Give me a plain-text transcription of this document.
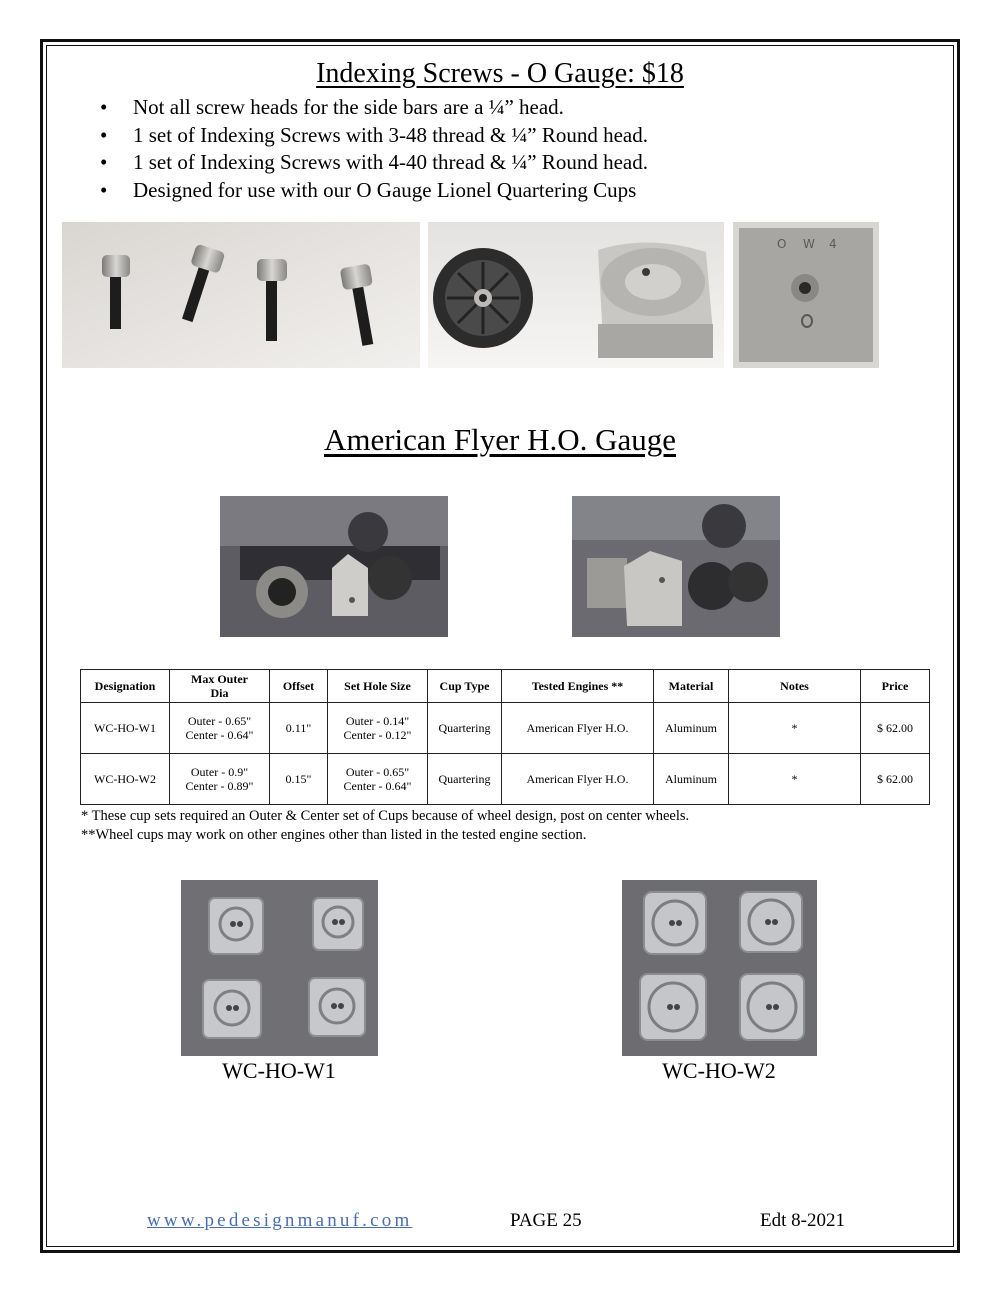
Indexing Screws - O Gauge: $18
• Not all screw heads for the side bars are a ¼” head.
• 1 set of Indexing Screws with 3-48 thread & ¼” Round head.
• 1 set of Indexing Screws with 4-40 thread & ¼” Round head.
• Designed for use with our O Gauge Lionel Quartering Cups
O W 4
American Flyer H.O. Gauge
Designation	Max Outer
Dia	Offset	Set Hole Size	Cup Type	Tested Engines **	Material	Notes	Price
WC-HO-W1	Outer - 0.65"
Center - 0.64"	0.11"	Outer - 0.14"
Center - 0.12"	Quartering	American Flyer H.O.	Aluminum	*	$ 62.00
WC-HO-W2	Outer - 0.9"
Center - 0.89"	0.15"	Outer - 0.65"
Center - 0.64"	Quartering	American Flyer H.O.	Aluminum	*	$ 62.00
* These cup sets required an Outer & Center set of Cups because of wheel design, post on center wheels.
**Wheel cups may work on other engines other than listed in the tested engine section.
WC-HO-W1	WC-HO-W2
www.pedesignmanuf.com	PAGE 25	Edt 8-2021
